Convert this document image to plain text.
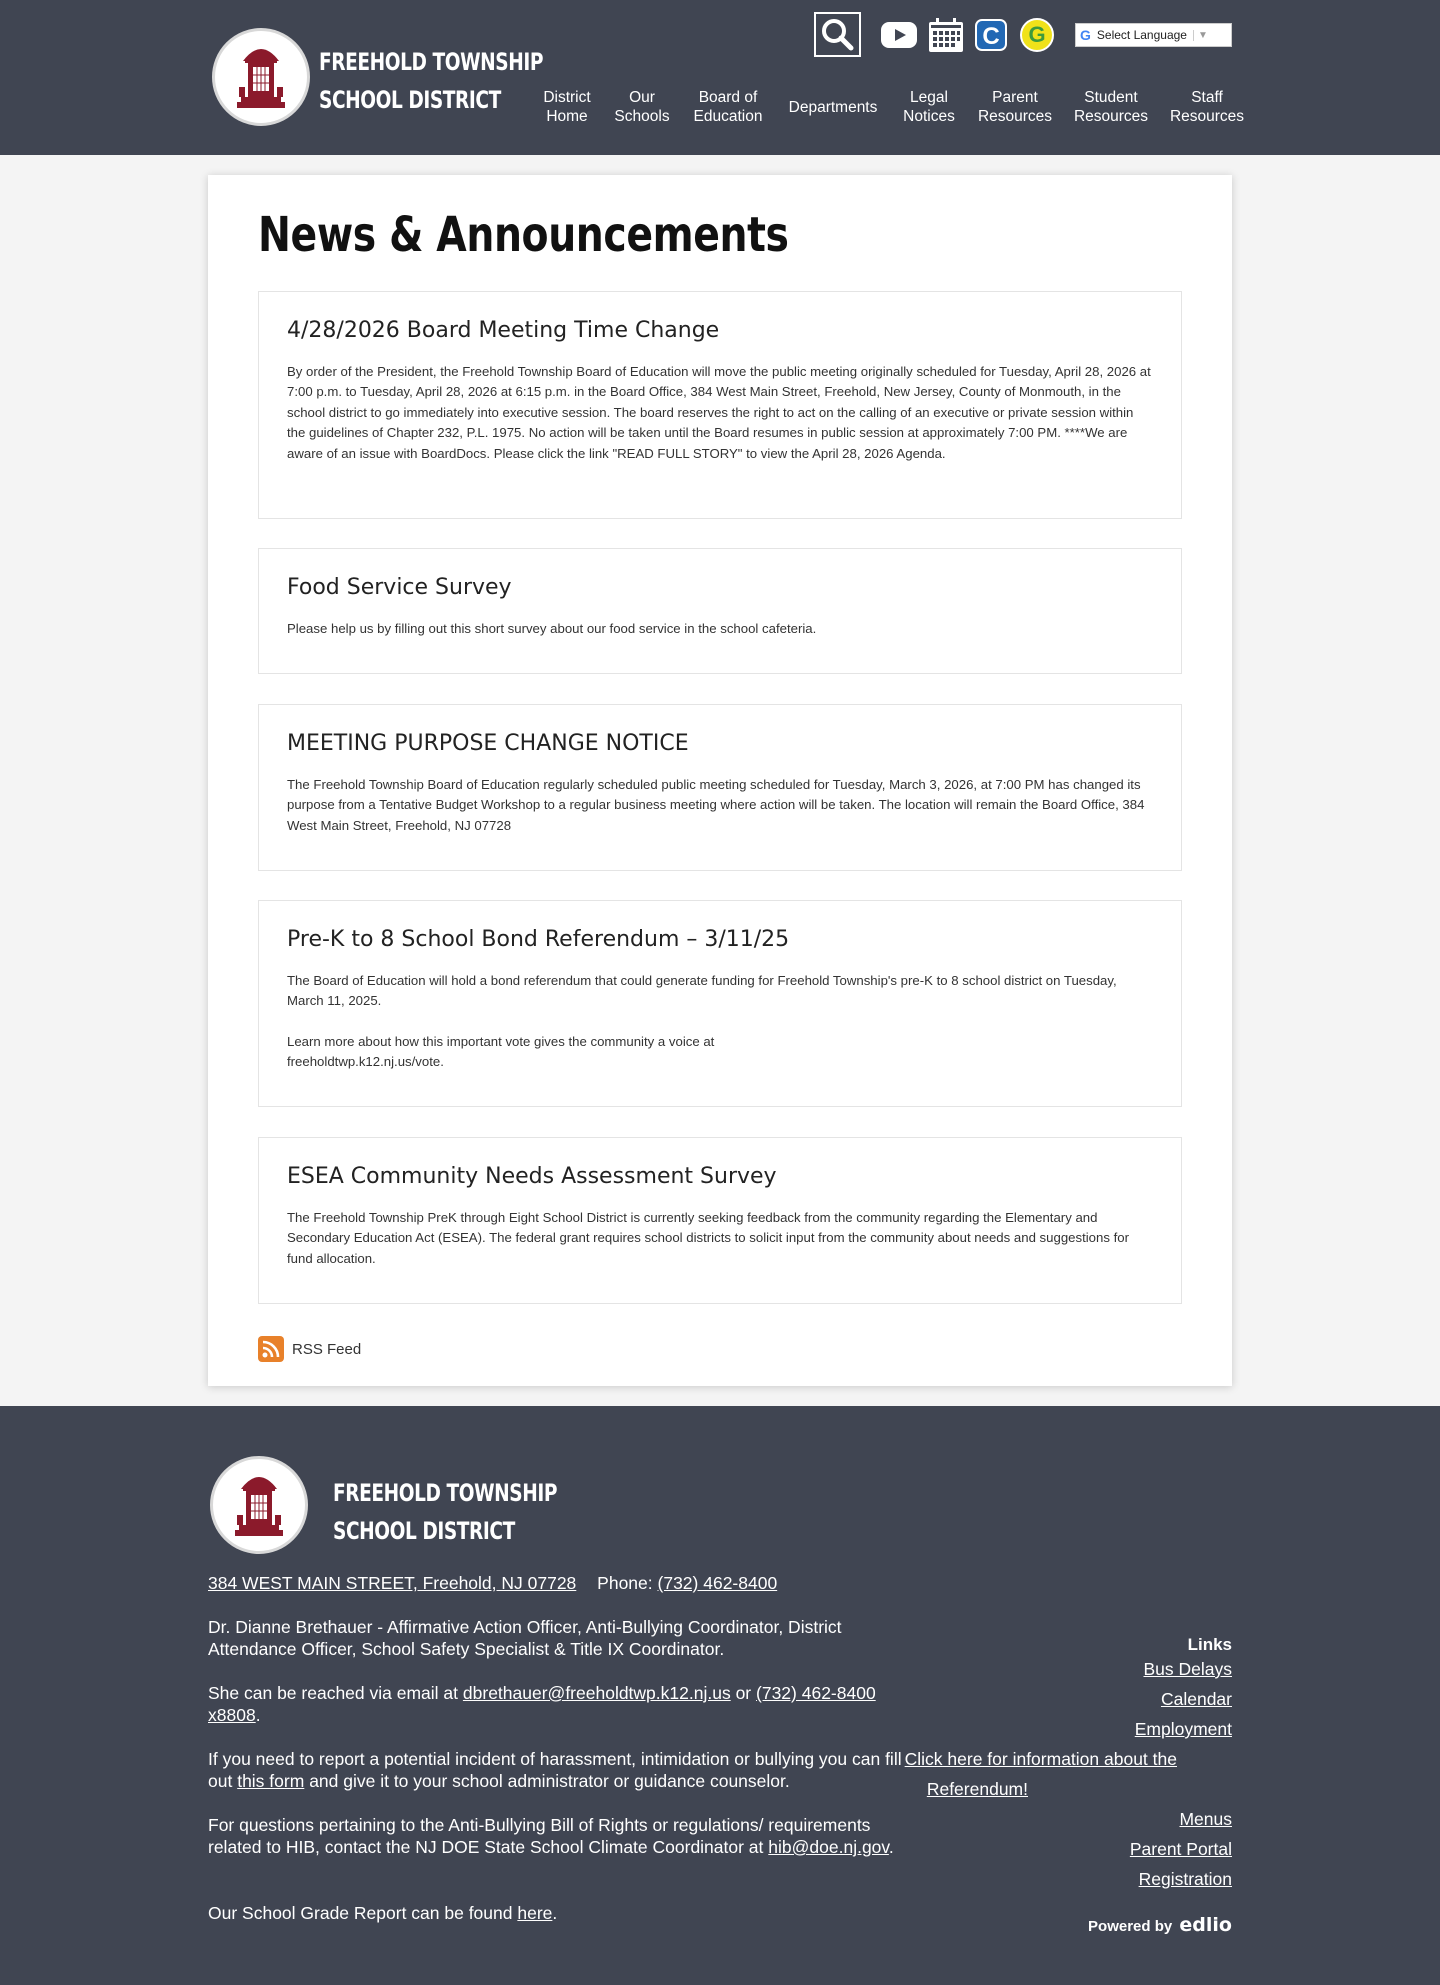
FREEHOLD TOWNSHIP
SCHOOL DISTRICT
C	G	G Select Language	▼
District
Home
Our
Schools
Board of
Education
Departments
Legal
Notices
Parent
Resources
Student
Resources
Staff
Resources
News & Announcements
4/28/2026 Board Meeting Time Change

By order of the President, the Freehold Township Board of Education will move the public meeting originally scheduled for Tuesday, April 28, 2026 at 7:00 p.m. to Tuesday, April 28, 2026 at 6:15 p.m. in the Board Office, 384 West Main Street, Freehold, New Jersey, County of Monmouth, in the school district to go immediately into executive session. The board reserves the right to act on the calling of an executive or private session within the guidelines of Chapter 232, P.L. 1975. No action will be taken until the Board resumes in public session at approximately 7:00 PM. ****We are aware of an issue with BoardDocs. Please click the link "READ FULL STORY" to view the April 28, 2026 Agenda.

Food Service Survey

Please help us by filling out this short survey about our food service in the school cafeteria.

MEETING PURPOSE CHANGE NOTICE

The Freehold Township Board of Education regularly scheduled public meeting scheduled for Tuesday, March 3, 2026, at 7:00 PM has changed its purpose from a Tentative Budget Workshop to a regular business meeting where action will be taken. The location will remain the Board Office, 384 West Main Street, Freehold, NJ 07728

Pre-K to 8 School Bond Referendum – 3/11/25

The Board of Education will hold a bond referendum that could generate funding for Freehold Township's pre-K to 8 school district on Tuesday, March 11, 2025.

Learn more about how this important vote gives the community a voice at freeholdtwp.k12.nj.us/vote.

ESEA Community Needs Assessment Survey

The Freehold Township PreK through Eight School District is currently seeking feedback from the community regarding the Elementary and Secondary Education Act (ESEA). The federal grant requires school districts to solicit input from the community about needs and suggestions for fund allocation.

RSS Feed
FREEHOLD TOWNSHIP
SCHOOL DISTRICT
384 WEST MAIN STREET, Freehold, NJ 07728 Phone: (732) 462-8400
Dr. Dianne Brethauer - Affirmative Action Officer, Anti-Bullying Coordinator, District Attendance Officer, School Safety Specialist & Title IX Coordinator.
She can be reached via email at dbrethauer@freeholdtwp.k12.nj.us or (732) 462-8400 x8808.
If you need to report a potential incident of harassment, intimidation or bullying you can fill out this form and give it to your school administrator or guidance counselor.
For questions pertaining to the Anti-Bullying Bill of Rights or regulations/ requirements related to HIB, contact the NJ DOE State School Climate Coordinator at hib@doe.nj.gov.
Our School Grade Report can be found here.
Links
Bus Delays
Calendar
Employment
Click here for information about the
Referendum!
Menus
Parent Portal
Registration
Powered by edlio
